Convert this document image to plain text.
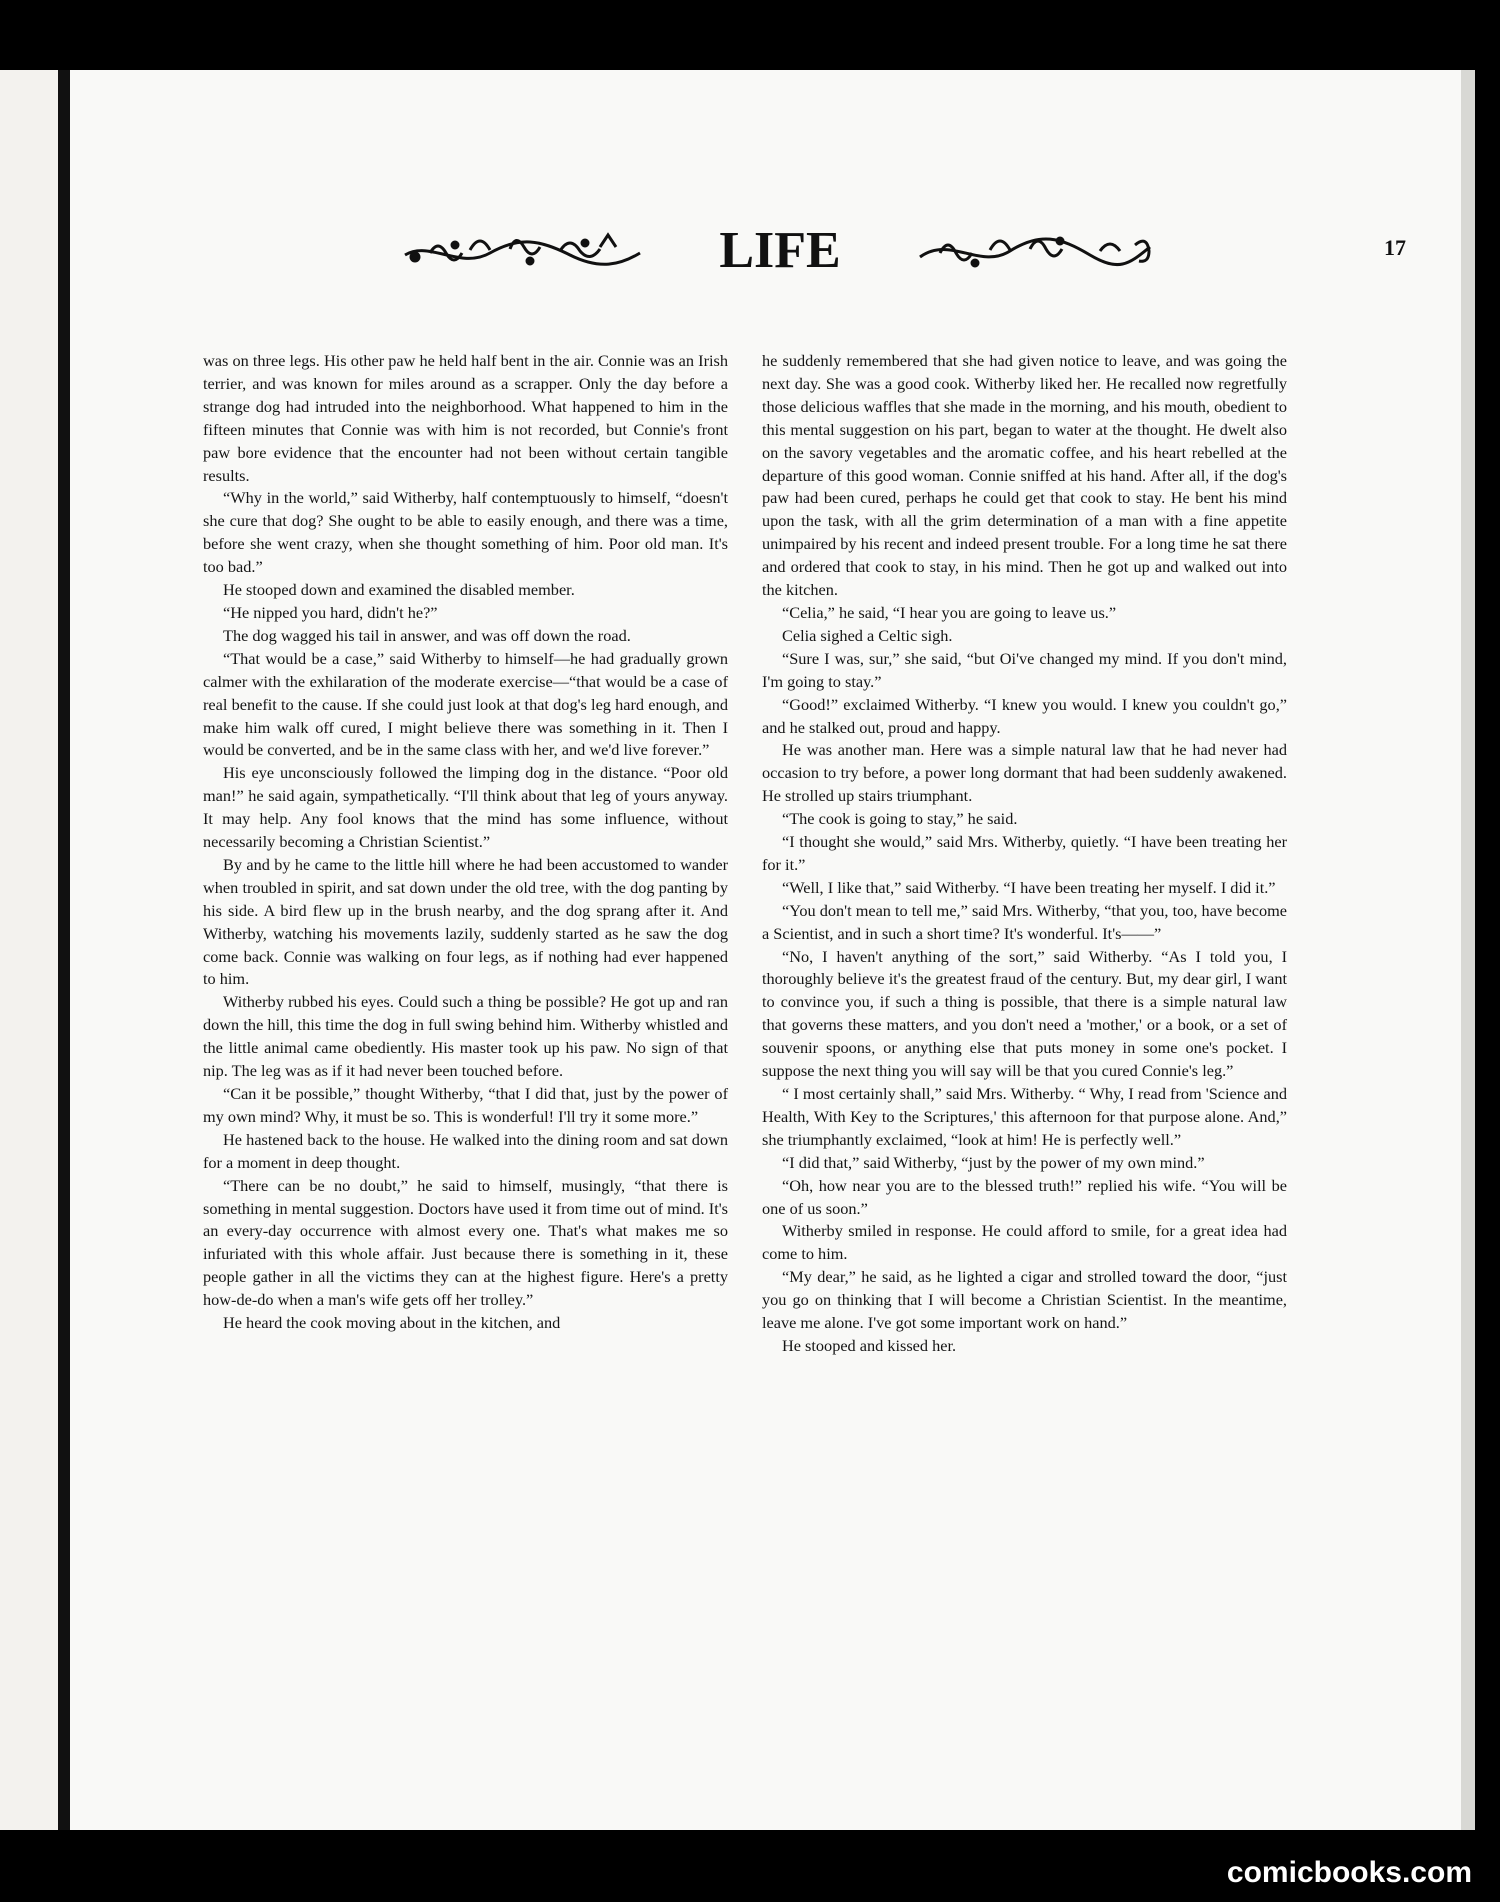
LIFE	17

was on three legs. His other paw he held half bent in the air. Connie was an Irish terrier, and was known for miles around as a scrapper. Only the day before a strange dog had intruded into the neighborhood. What happened to him in the fifteen minutes that Connie was with him is not recorded, but Connie's front paw bore evidence that the encounter had not been without certain tangible results.

“Why in the world,” said Witherby, half contemptuously to himself, “doesn't she cure that dog? She ought to be able to easily enough, and there was a time, before she went crazy, when she thought something of him. Poor old man. It's too bad.”

He stooped down and examined the disabled member.

“He nipped you hard, didn't he?”

The dog wagged his tail in answer, and was off down the road.

“That would be a case,” said Witherby to himself—he had gradually grown calmer with the exhilaration of the moderate exercise—“that would be a case of real benefit to the cause. If she could just look at that dog's leg hard enough, and make him walk off cured, I might believe there was something in it. Then I would be converted, and be in the same class with her, and we'd live forever.”

His eye unconsciously followed the limping dog in the distance. “Poor old man!” he said again, sympathetically. “I'll think about that leg of yours anyway. It may help. Any fool knows that the mind has some influence, without necessarily becoming a Christian Scientist.”

By and by he came to the little hill where he had been accustomed to wander when troubled in spirit, and sat down under the old tree, with the dog panting by his side. A bird flew up in the brush nearby, and the dog sprang after it. And Witherby, watching his movements lazily, suddenly started as he saw the dog come back. Connie was walking on four legs, as if nothing had ever happened to him.

Witherby rubbed his eyes. Could such a thing be possible? He got up and ran down the hill, this time the dog in full swing behind him. Witherby whistled and the little animal came obediently. His master took up his paw. No sign of that nip. The leg was as if it had never been touched before.

“Can it be possible,” thought Witherby, “that I did that, just by the power of my own mind? Why, it must be so. This is wonderful! I'll try it some more.”

He hastened back to the house. He walked into the dining room and sat down for a moment in deep thought.

“There can be no doubt,” he said to himself, musingly, “that there is something in mental suggestion. Doctors have used it from time out of mind. It's an every-day occurrence with almost every one. That's what makes me so infuriated with this whole affair. Just because there is something in it, these people gather in all the victims they can at the highest figure. Here's a pretty how-de-do when a man's wife gets off her trolley.”

He heard the cook moving about in the kitchen, and

he suddenly remembered that she had given notice to leave, and was going the next day. She was a good cook. Witherby liked her. He recalled now regretfully those delicious waffles that she made in the morning, and his mouth, obedient to this mental suggestion on his part, began to water at the thought. He dwelt also on the savory vegetables and the aromatic coffee, and his heart rebelled at the departure of this good woman. Connie sniffed at his hand. After all, if the dog's paw had been cured, perhaps he could get that cook to stay. He bent his mind upon the task, with all the grim determination of a man with a fine appetite unimpaired by his recent and indeed present trouble. For a long time he sat there and ordered that cook to stay, in his mind. Then he got up and walked out into the kitchen.

“Celia,” he said, “I hear you are going to leave us.”

Celia sighed a Celtic sigh.

“Sure I was, sur,” she said, “but Oi've changed my mind. If you don't mind, I'm going to stay.”

“Good!” exclaimed Witherby. “I knew you would. I knew you couldn't go,” and he stalked out, proud and happy.

He was another man. Here was a simple natural law that he had never had occasion to try before, a power long dormant that had been suddenly awakened. He strolled up stairs triumphant.

“The cook is going to stay,” he said.

“I thought she would,” said Mrs. Witherby, quietly. “I have been treating her for it.”

“Well, I like that,” said Witherby. “I have been treating her myself. I did it.”

“You don't mean to tell me,” said Mrs. Witherby, “that you, too, have become a Scientist, and in such a short time? It's wonderful. It's——”

“No, I haven't anything of the sort,” said Witherby. “As I told you, I thoroughly believe it's the greatest fraud of the century. But, my dear girl, I want to convince you, if such a thing is possible, that there is a simple natural law that governs these matters, and you don't need a 'mother,' or a book, or a set of souvenir spoons, or anything else that puts money in some one's pocket. I suppose the next thing you will say will be that you cured Connie's leg.”

“ I most certainly shall,” said Mrs. Witherby. “ Why, I read from 'Science and Health, With Key to the Scriptures,' this afternoon for that purpose alone. And,” she triumphantly exclaimed, “look at him! He is perfectly well.”

“I did that,” said Witherby, “just by the power of my own mind.”

“Oh, how near you are to the blessed truth!” replied his wife. “You will be one of us soon.”

Witherby smiled in response. He could afford to smile, for a great idea had come to him.

“My dear,” he said, as he lighted a cigar and strolled toward the door, “just you go on thinking that I will become a Christian Scientist. In the meantime, leave me alone. I've got some important work on hand.”

He stooped and kissed her.

comicbooks.com
